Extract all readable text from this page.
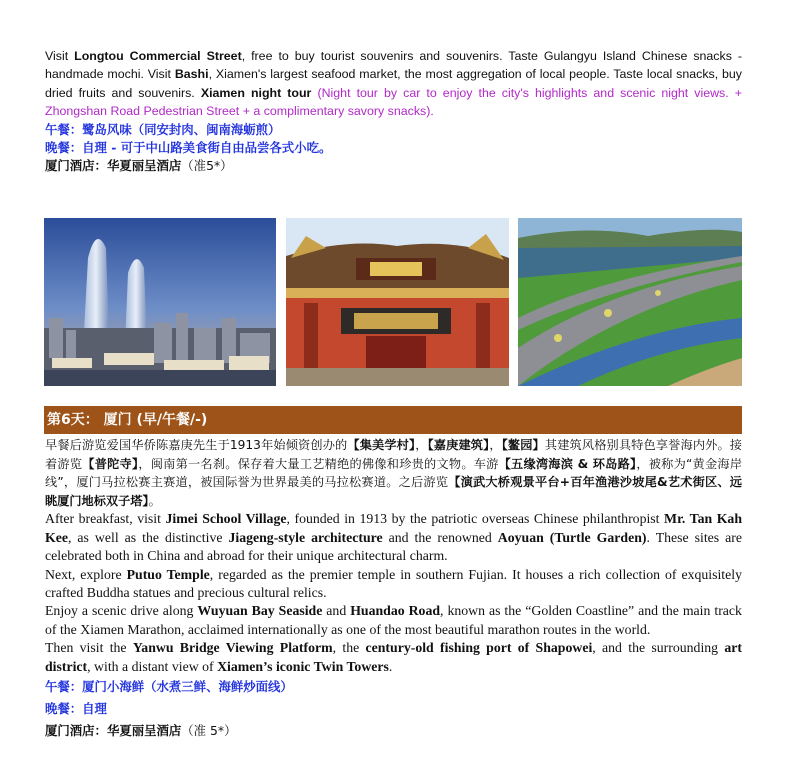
Visit Longtou Commercial Street, free to buy tourist souvenirs and souvenirs. Taste Gulangyu Island Chinese snacks - handmade mochi. Visit Bashi, Xiamen's largest seafood market, the most aggregation of local people. Taste local snacks, buy dried fruits and souvenirs. Xiamen night tour (Night tour by car to enjoy the city's highlights and scenic night views. + Zhongshan Road Pedestrian Street + a complimentary savory snacks).

午餐：鹭岛风味（同安封肉、闽南海蛎煎）
晚餐：自理 - 可于中山路美食街自由品尝各式小吃。
厦门酒店：华夏丽呈酒店（准5*）
第6天： 厦门 (早/午餐/-)

早餐后游览爱国华侨陈嘉庚先生于1913年始倾资创办的【集美学村】，【嘉庚建筑】，【鳌园】其建筑风格别具特色享誉海内外。接着游览【普陀寺】，闽南第一名刹。保存着大量工艺精绝的佛像和珍贵的文物。车游【五缘湾海滨 & 环岛路】，被称为“黄金海岸线”，厦门马拉松赛主赛道，被国际誉为世界最美的马拉松赛道。之后游览【演武大桥观景平台+百年渔港沙坡尾&艺术街区、远眺厦门地标双子塔】。

After breakfast, visit Jimei School Village, founded in 1913 by the patriotic overseas Chinese philanthropist Mr. Tan Kah Kee, as well as the distinctive Jiageng-style architecture and the renowned Aoyuan (Turtle Garden). These sites are celebrated both in China and abroad for their unique architectural charm.

Next, explore Putuo Temple, regarded as the premier temple in southern Fujian. It houses a rich collection of exquisitely crafted Buddha statues and precious cultural relics.

Enjoy a scenic drive along Wuyuan Bay Seaside and Huandao Road, known as the “Golden Coastline” and the main track of the Xiamen Marathon, acclaimed internationally as one of the most beautiful marathon routes in the world.

Then visit the Yanwu Bridge Viewing Platform, the century-old fishing port of Shapowei, and the surrounding art district, with a distant view of Xiamen’s iconic Twin Towers.

午餐：厦门小海鲜（水煮三鲜、海鲜炒面线）
晚餐：自理
厦门酒店：华夏丽呈酒店（准 5*）
